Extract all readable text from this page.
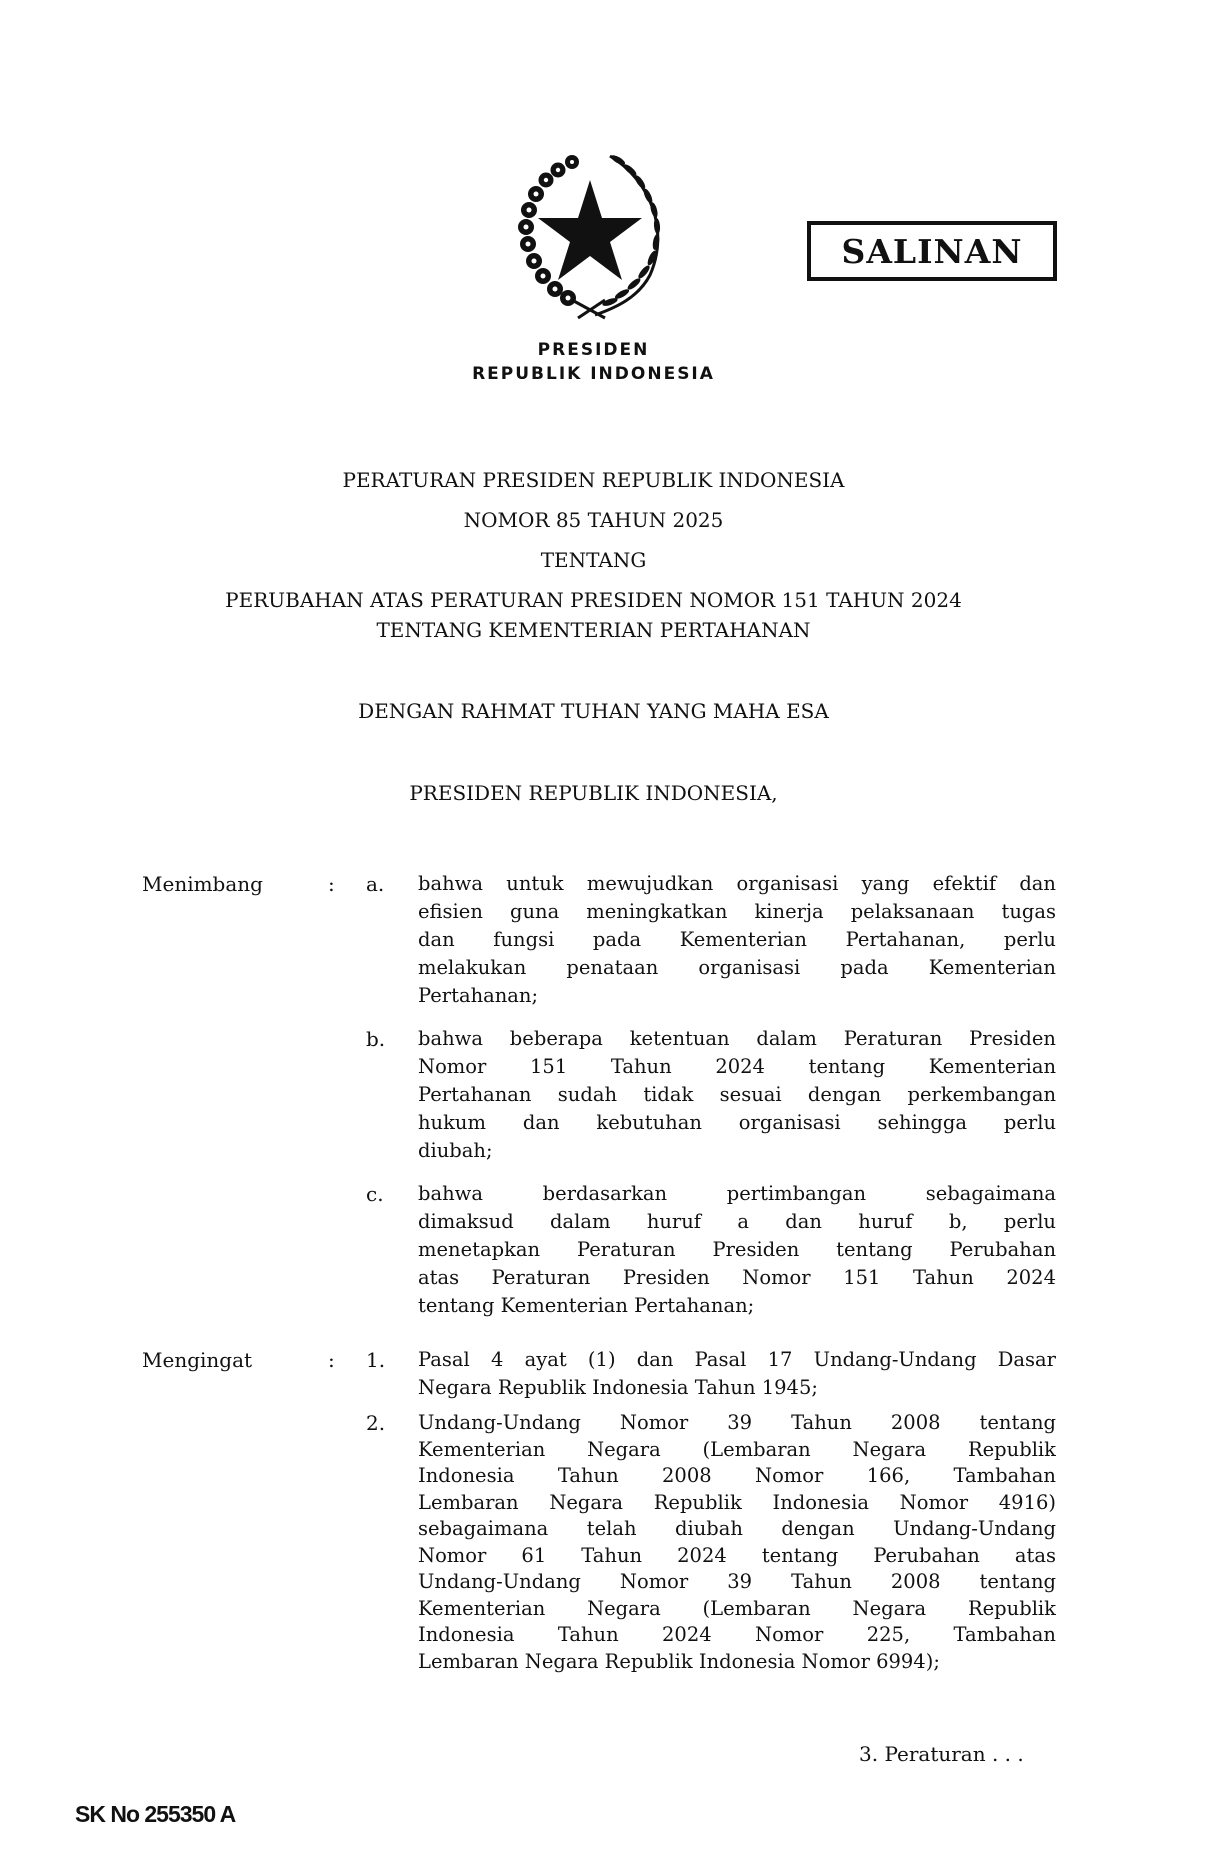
SALINAN
PRESIDEN
REPUBLIK INDONESIA
PERATURAN PRESIDEN REPUBLIK INDONESIA
NOMOR 85 TAHUN 2025
TENTANG
PERUBAHAN ATAS PERATURAN PRESIDEN NOMOR 151 TAHUN 2024
TENTANG KEMENTERIAN PERTAHANAN
DENGAN RAHMAT TUHAN YANG MAHA ESA
PRESIDEN REPUBLIK INDONESIA,
Menimbang	: a. bahwa untuk mewujudkan organisasi yang efektif dan
efisien guna meningkatkan kinerja pelaksanaan tugas
dan fungsi pada Kementerian Pertahanan, perlu
melakukan penataan organisasi pada Kementerian
Pertahanan;
b. bahwa beberapa ketentuan dalam Peraturan Presiden
Nomor 151 Tahun 2024 tentang Kementerian
Pertahanan sudah tidak sesuai dengan perkembangan
hukum dan kebutuhan organisasi sehingga perlu
diubah;
c. bahwa berdasarkan pertimbangan sebagaimana
dimaksud dalam huruf a dan huruf b, perlu
menetapkan Peraturan Presiden tentang Perubahan
atas Peraturan Presiden Nomor 151 Tahun 2024
tentang Kementerian Pertahanan;
Mengingat	: 1. Pasal 4 ayat (1) dan Pasal 17 Undang-Undang Dasar
Negara Republik Indonesia Tahun 1945;
2. Undang-Undang Nomor 39 Tahun 2008 tentang
Kementerian Negara (Lembaran Negara Republik
Indonesia Tahun 2008 Nomor 166, Tambahan
Lembaran Negara Republik Indonesia Nomor 4916)
sebagaimana telah diubah dengan Undang-Undang
Nomor 61 Tahun 2024 tentang Perubahan atas
Undang-Undang Nomor 39 Tahun 2008 tentang
Kementerian Negara (Lembaran Negara Republik
Indonesia Tahun 2024 Nomor 225, Tambahan
Lembaran Negara Republik Indonesia Nomor 6994);
3. Peraturan . . .
SK No 255350 A
